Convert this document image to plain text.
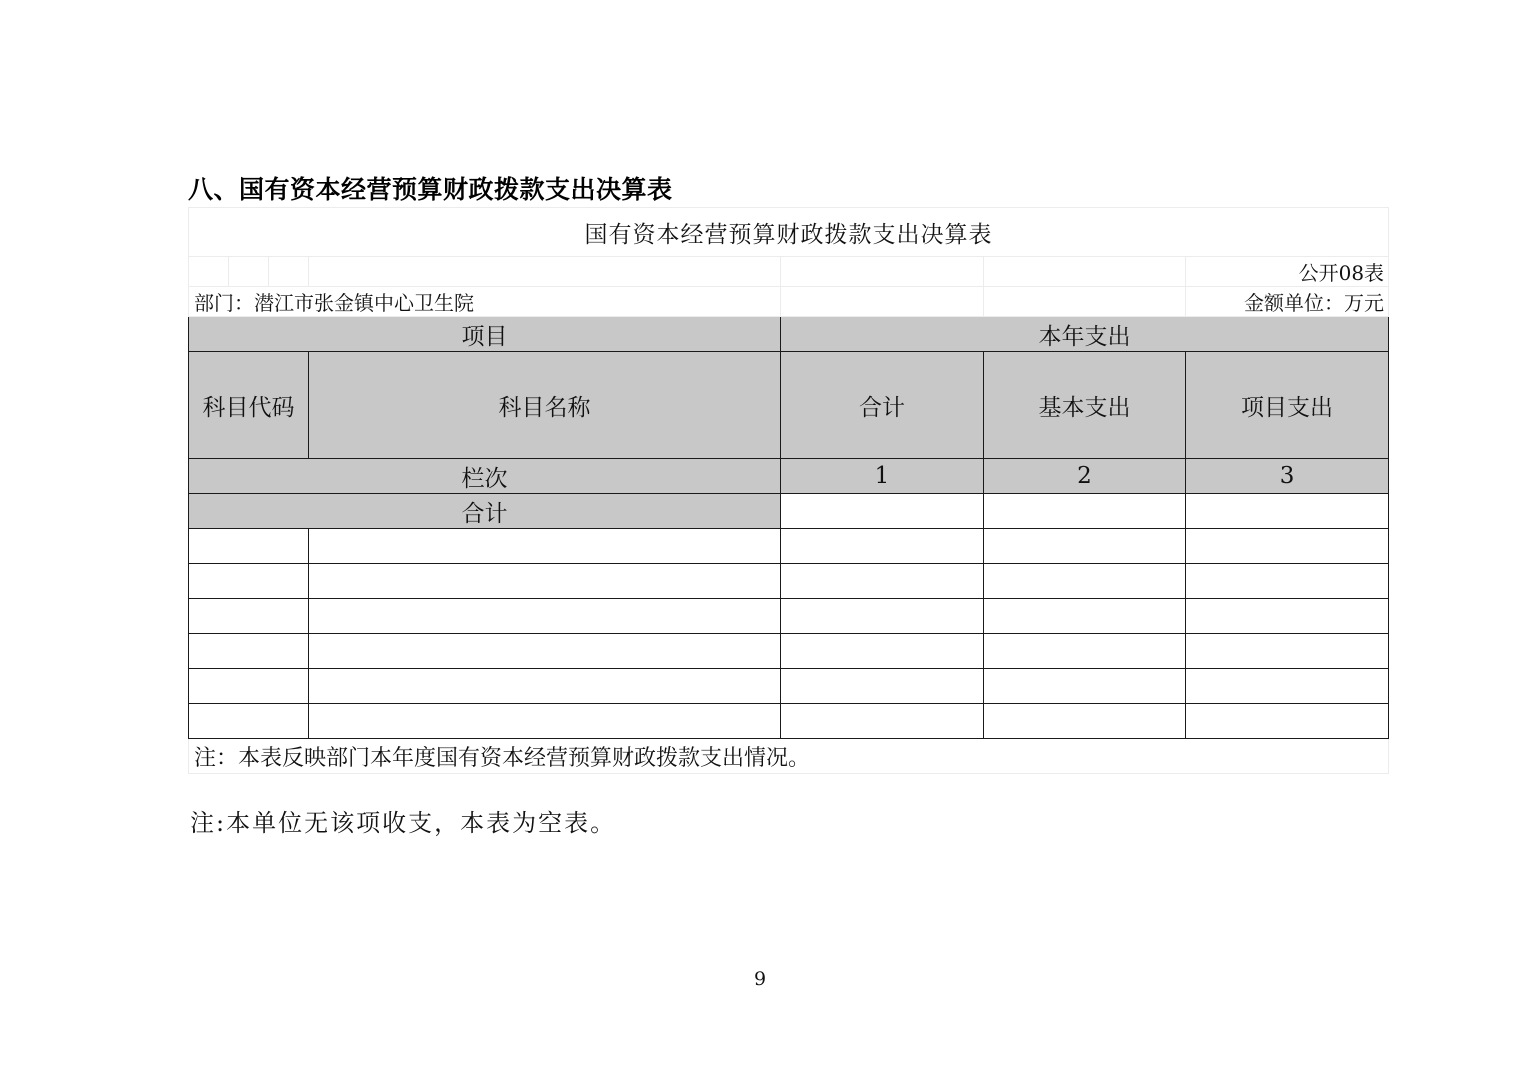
八、国有资本经营预算财政拨款支出决算表
国有资本经营预算财政拨款支出决算表						
						公开08表
部门：潜江市张金镇中心卫生院						金额单位：万元
项目				本年支出		
科目代码			科目名称	合计	基本支出	项目支出
栏次				1	2	3
合计						

注：本表反映部门本年度国有资本经营预算财政拨款支出情况。						
注:本单位无该项收支，本表为空表。
9
